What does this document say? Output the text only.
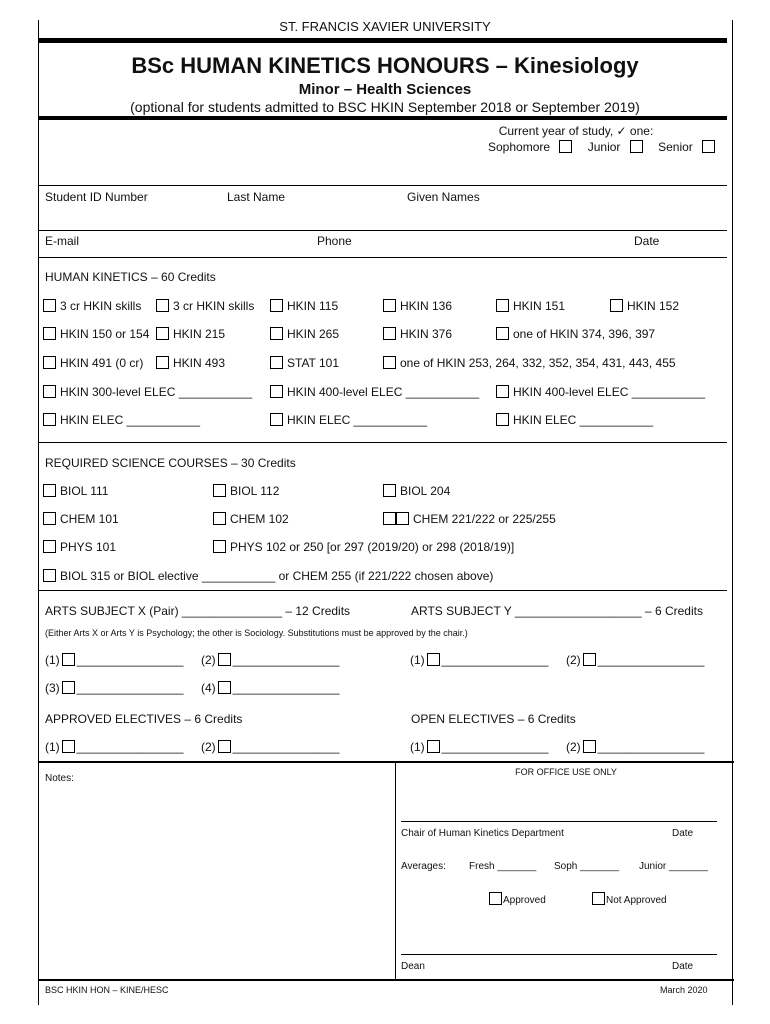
ST. FRANCIS XAVIER UNIVERSITY
BSc HUMAN KINETICS HONOURS – Kinesiology
Minor – Health Sciences
(optional for students admitted to BSC HKIN September 2018 or September 2019)
Current year of study, ✓ one:
Sophomore	Junior	Senior
Student ID Number	Last Name	Given Names
E-mail	Phone	Date
HUMAN KINETICS – 60 Credits
3 cr HKIN skills	3 cr HKIN skills	HKIN 115	HKIN 136	HKIN 151	HKIN 152
HKIN 150 or 154	HKIN 215	HKIN 265	HKIN 376	one of HKIN 374, 396, 397
HKIN 491 (0 cr)	HKIN 493	STAT 101	one of HKIN 253, 264, 332, 352, 354, 431, 443, 455
HKIN 300-level ELEC ___________	HKIN 400-level ELEC ___________	HKIN 400-level ELEC ___________
HKIN ELEC ___________	HKIN ELEC ___________	HKIN ELEC ___________
REQUIRED SCIENCE COURSES – 30 Credits
BIOL 111	BIOL 112	BIOL 204
CHEM 101	CHEM 102	CHEM 221/222 or 225/255
PHYS 101	PHYS 102 or 250 [or 297 (2019/20) or 298 (2018/19)]
BIOL 315 or BIOL elective ___________ or CHEM 255 (if 221/222 chosen above)
ARTS SUBJECT X (Pair) _______________ – 12 Credits	ARTS SUBJECT Y ___________________ – 6 Credits
(Either Arts X or Arts Y is Psychology; the other is Sociology. Substitutions must be approved by the chair.)
(1) ________________ (2) ________________	(1) ________________ (2) ________________
(3) ________________ (4) ________________
APPROVED ELECTIVES – 6 Credits	OPEN ELECTIVES – 6 Credits
(1) ________________ (2) ________________	(1) ________________ (2) ________________
Notes:
FOR OFFICE USE ONLY
Chair of Human Kinetics Department	Date
Averages: Fresh _______ Soph _______ Junior _______
Approved	Not Approved
Dean	Date
BSC HKIN HON – KINE/HESC	March 2020
